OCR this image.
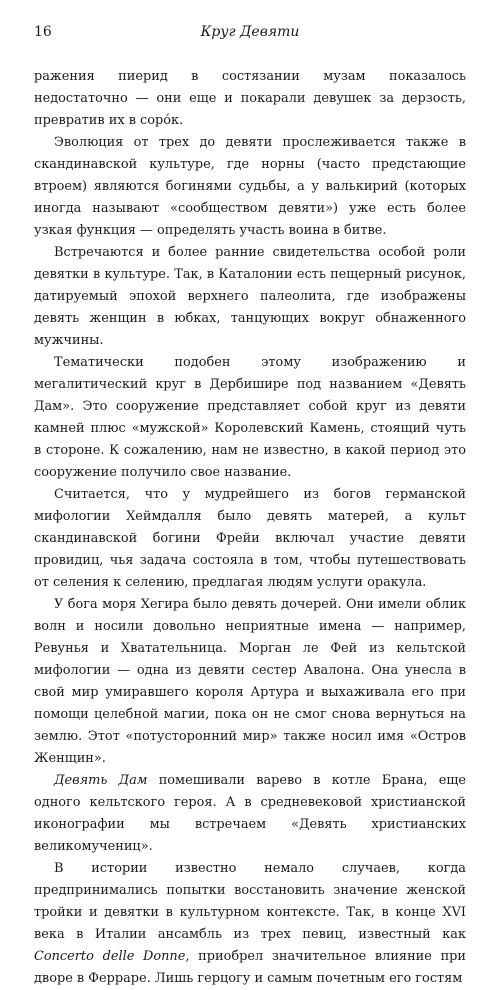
16	Круг Девяти

ражения пиерид в состязании музам показалось недостаточно — они еще и покарали девушек за дерзость, превратив их в соро́к.

Эволюция от трех до девяти прослеживается также в скандинавской культуре, где норны (часто предстающие втроем) являются богинями судьбы, а у валькирий (которых иногда называют «сообществом девяти») уже есть более узкая функция — определять участь воина в битве.

Встречаются и более ранние свидетельства особой роли девятки в культуре. Так, в Каталонии есть пещерный рисунок, датируемый эпохой верхнего палеолита, где изображены девять женщин в юбках, танцующих вокруг обнаженного мужчины.

Тематически подобен этому изображению и мегалитический круг в Дербишире под названием «Девять Дам». Это сооружение представляет собой круг из девяти камней плюс «мужской» Королевский Камень, стоящий чуть в стороне. К сожалению, нам не известно, в какой период это сооружение получило свое название.

Считается, что у мудрейшего из богов германской мифологии Хеймдалля было девять матерей, а культ скандинавской богини Фрейи включал участие девяти провидиц, чья задача состояла в том, чтобы путешествовать от селения к селению, предлагая людям услуги оракула.

У бога моря Хегира было девять дочерей. Они имели облик волн и носили довольно неприятные имена — например, Ревунья и Хватательница. Морган ле Фей из кельтской мифологии — одна из девяти сестер Авалона. Она унесла в свой мир умиравшего короля Артура и выхаживала его при помощи целебной магии, пока он не смог снова вернуться на землю. Этот «потусторонний мир» также носил имя «Остров Женщин».

Девять Дам помешивали варево в котле Брана, еще одного кельтского героя. А в средневековой христианской иконографии мы встречаем «Девять христианских великомучениц».

В истории известно немало случаев, когда предпринимались попытки восстановить значение женской тройки и девятки в культурном контексте. Так, в конце XVI века в Италии ансамбль из трех певиц, известный как Concerto delle Donne, приобрел значительное влияние при дворе в Ферраре. Лишь герцогу и самым почетным его гостям
